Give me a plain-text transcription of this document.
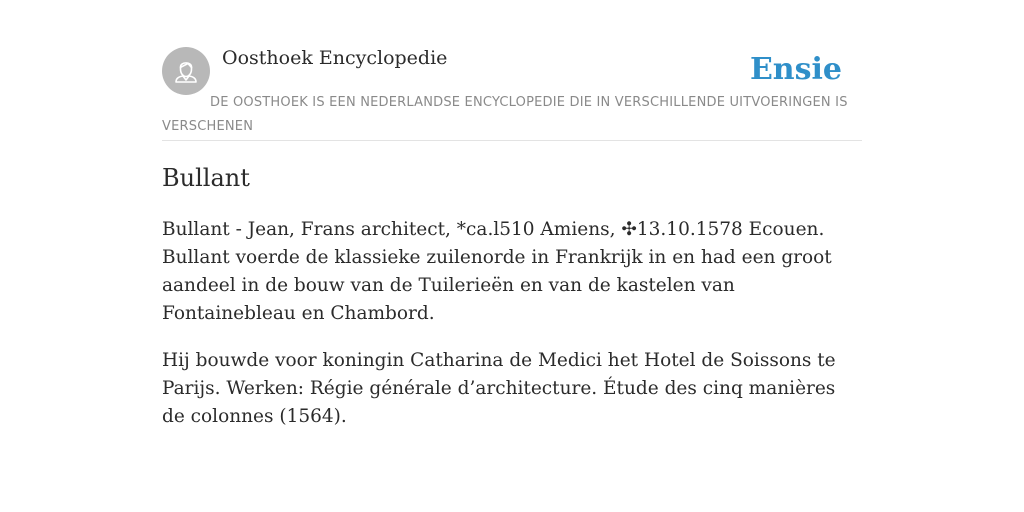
Oosthoek Encyclopedie	Ensie

DE OOSTHOEK IS EEN NEDERLANDSE ENCYCLOPEDIE DIE IN VERSCHILLENDE UITVOERINGEN IS VERSCHENEN

Bullant

Bullant - Jean, Frans architect, *ca.l510 Amiens, ✣13.10.1578 Ecouen. Bullant voerde de klassieke zuilenorde in Frankrijk in en had een groot aandeel in de bouw van de Tuilerieën en van de kastelen van Fontainebleau en Chambord.

Hij bouwde voor koningin Catharina de Medici het Hotel de Soissons te Parijs. Werken: Régie générale d’architecture. Étude des cinq manières de colonnes (1564).
